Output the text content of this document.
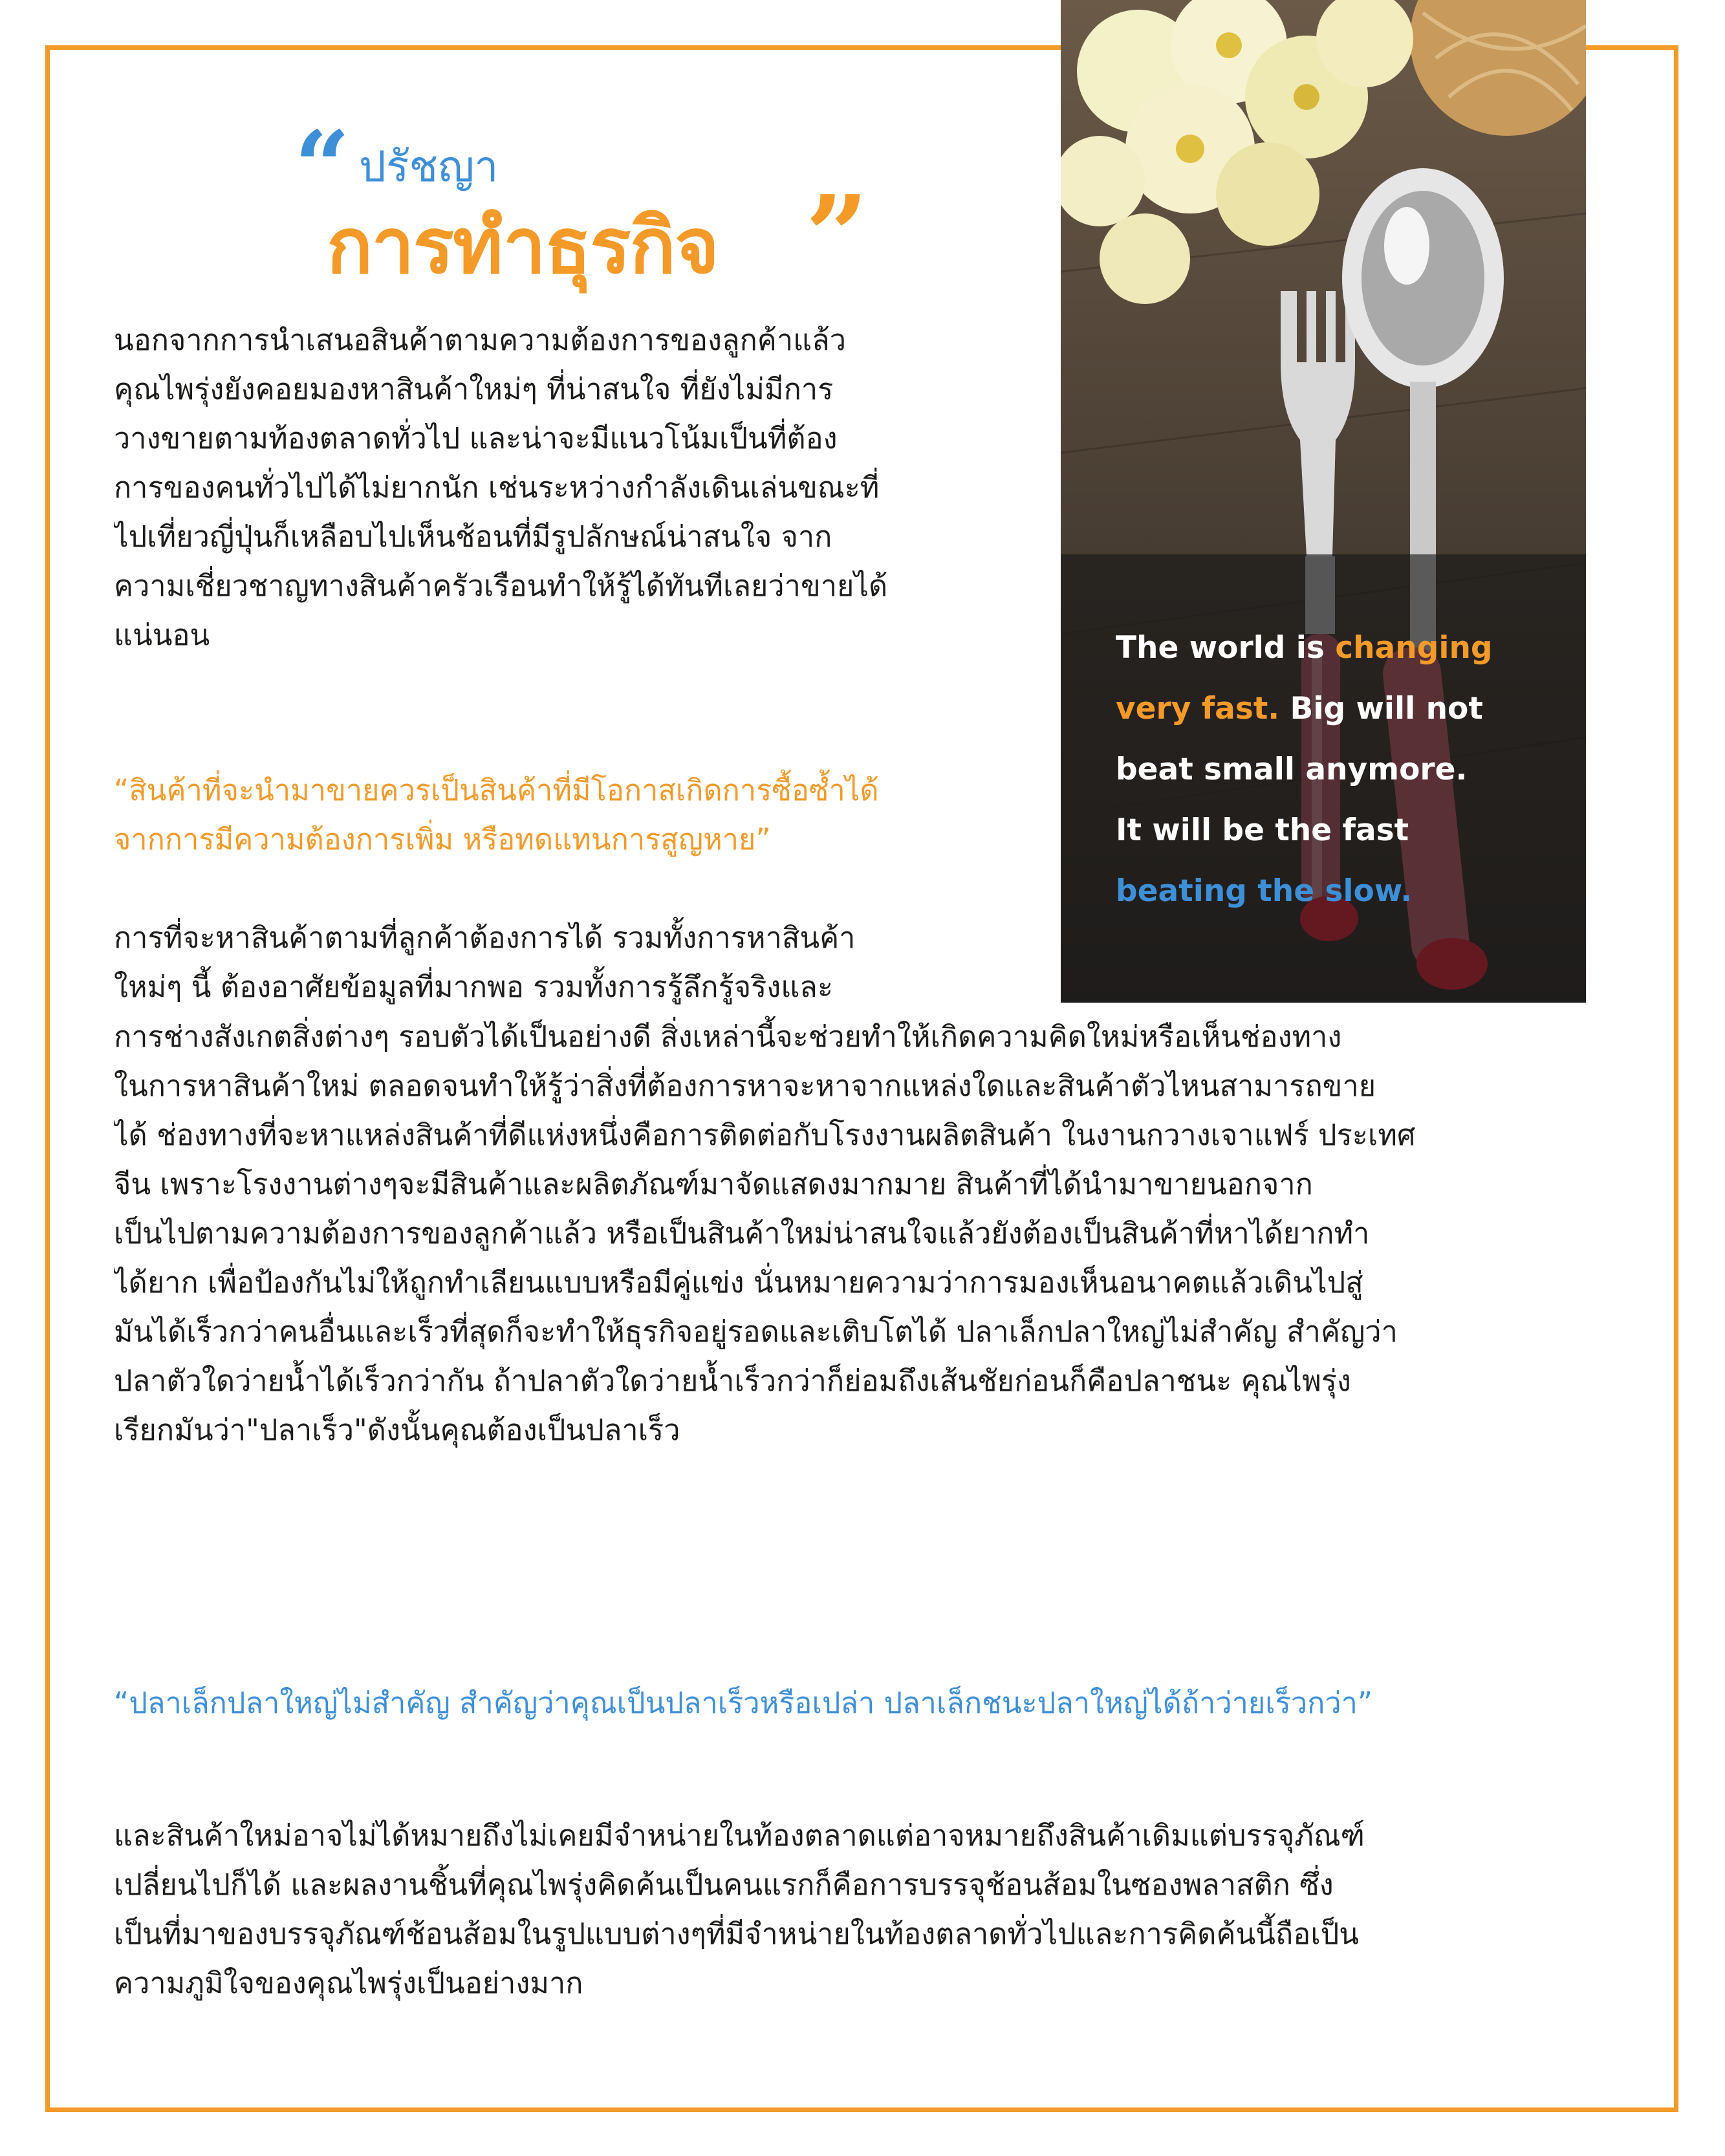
The world is changing
very fast. Big will not
beat small anymore.
It will be the fast
beating the slow.
“ ปรัชญา
การทำธุรกิจ ”
นอกจากการนำเสนอสินค้าตามความต้องการของลูกค้าแล้ว
คุณไพรุ่งยังคอยมองหาสินค้าใหม่ๆ ที่น่าสนใจ ที่ยังไม่มีการ
วางขายตามท้องตลาดทั่วไป และน่าจะมีแนวโน้มเป็นที่ต้อง
การของคนทั่วไปได้ไม่ยากนัก เช่นระหว่างกำลังเดินเล่นขณะที่
ไปเที่ยวญี่ปุ่นก็เหลือบไปเห็นช้อนที่มีรูปลักษณ์น่าสนใจ จาก
ความเชี่ยวชาญทางสินค้าครัวเรือนทำให้รู้ได้ทันทีเลยว่าขายได้
แน่นอน
“สินค้าที่จะนำมาขายควรเป็นสินค้าที่มีโอกาสเกิดการซื้อซ้ำได้
จากการมีความต้องการเพิ่ม หรือทดแทนการสูญหาย”
การที่จะหาสินค้าตามที่ลูกค้าต้องการได้ รวมทั้งการหาสินค้า
ใหม่ๆ นี้ ต้องอาศัยข้อมูลที่มากพอ รวมทั้งการรู้ลึกรู้จริงและ
การช่างสังเกตสิ่งต่างๆ รอบตัวได้เป็นอย่างดี สิ่งเหล่านี้จะช่วยทำให้เกิดความคิดใหม่หรือเห็นช่องทาง
ในการหาสินค้าใหม่ ตลอดจนทำให้รู้ว่าสิ่งที่ต้องการหาจะหาจากแหล่งใดและสินค้าตัวไหนสามารถขาย
ได้ ช่องทางที่จะหาแหล่งสินค้าที่ดีแห่งหนึ่งคือการติดต่อกับโรงงานผลิตสินค้า ในงานกวางเจาแฟร์ ประเทศ
จีน เพราะโรงงานต่างๆจะมีสินค้าและผลิตภัณฑ์มาจัดแสดงมากมาย สินค้าที่ได้นำมาขายนอกจาก
เป็นไปตามความต้องการของลูกค้าแล้ว หรือเป็นสินค้าใหม่น่าสนใจแล้วยังต้องเป็นสินค้าที่หาได้ยากทำ
ได้ยาก เพื่อป้องกันไม่ให้ถูกทำเลียนแบบหรือมีคู่แข่ง นั่นหมายความว่าการมองเห็นอนาคตแล้วเดินไปสู่
มันได้เร็วกว่าคนอื่นและเร็วที่สุดก็จะทำให้ธุรกิจอยู่รอดและเติบโตได้ ปลาเล็กปลาใหญ่ไม่สำคัญ สำคัญว่า
ปลาตัวใดว่ายน้ำได้เร็วกว่ากัน ถ้าปลาตัวใดว่ายน้ำเร็วกว่าก็ย่อมถึงเส้นชัยก่อนก็คือปลาชนะ คุณไพรุ่ง
เรียกมันว่า"ปลาเร็ว"ดังนั้นคุณต้องเป็นปลาเร็ว
“ปลาเล็กปลาใหญ่ไม่สำคัญ สำคัญว่าคุณเป็นปลาเร็วหรือเปล่า ปลาเล็กชนะปลาใหญ่ได้ถ้าว่ายเร็วกว่า”
และสินค้าใหม่อาจไม่ได้หมายถึงไม่เคยมีจำหน่ายในท้องตลาดแต่อาจหมายถึงสินค้าเดิมแต่บรรจุภัณฑ์
เปลี่ยนไปก็ได้ และผลงานชิ้นที่คุณไพรุ่งคิดค้นเป็นคนแรกก็คือการบรรจุช้อนส้อมในซองพลาสติก ซึ่ง
เป็นที่มาของบรรจุภัณฑ์ช้อนส้อมในรูปแบบต่างๆที่มีจำหน่ายในท้องตลาดทั่วไปและการคิดค้นนี้ถือเป็น
ความภูมิใจของคุณไพรุ่งเป็นอย่างมาก
